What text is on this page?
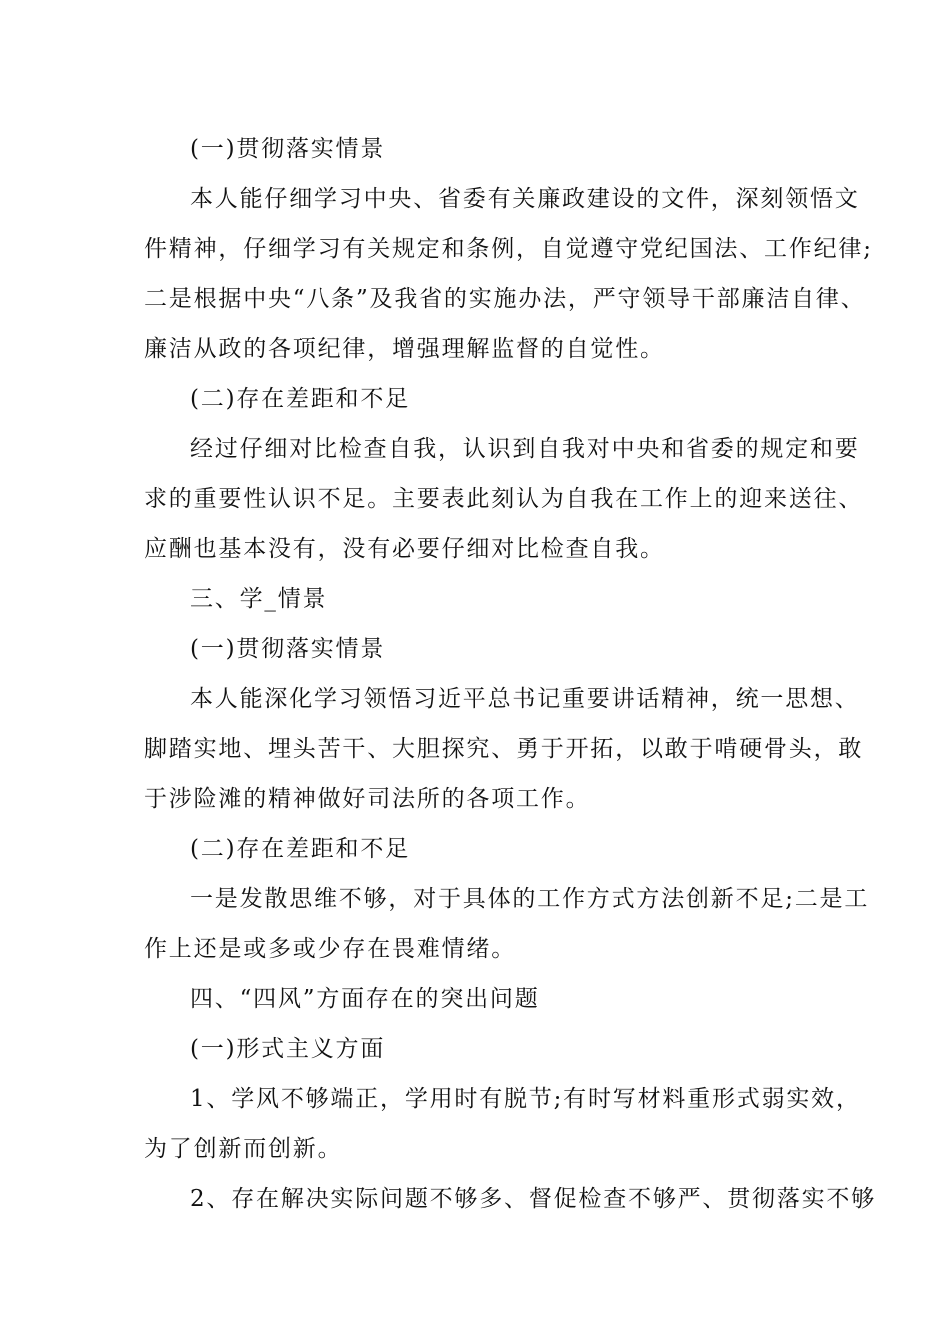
(一)贯彻落实情景
本人能仔细学习中央、省委有关廉政建设的文件，深刻领悟文
件精神，仔细学习有关规定和条例，自觉遵守党纪国法、工作纪律;
二是根据中央“八条”及我省的实施办法，严守领导干部廉洁自律、
廉洁从政的各项纪律，增强理解监督的自觉性。
(二)存在差距和不足
经过仔细对比检查自我，认识到自我对中央和省委的规定和要
求的重要性认识不足。主要表此刻认为自我在工作上的迎来送往、
应酬也基本没有，没有必要仔细对比检查自我。
三、学_情景
(一)贯彻落实情景
本人能深化学习领悟习近平总书记重要讲话精神，统一思想、
脚踏实地、埋头苦干、大胆探究、勇于开拓，以敢于啃硬骨头，敢
于涉险滩的精神做好司法所的各项工作。
(二)存在差距和不足
一是发散思维不够，对于具体的工作方式方法创新不足;二是工
作上还是或多或少存在畏难情绪。
四、“四风”方面存在的突出问题
(一)形式主义方面
1、学风不够端正，学用时有脱节;有时写材料重形式弱实效，
为了创新而创新。
2、存在解决实际问题不够多、督促检查不够严、贯彻落实不够
